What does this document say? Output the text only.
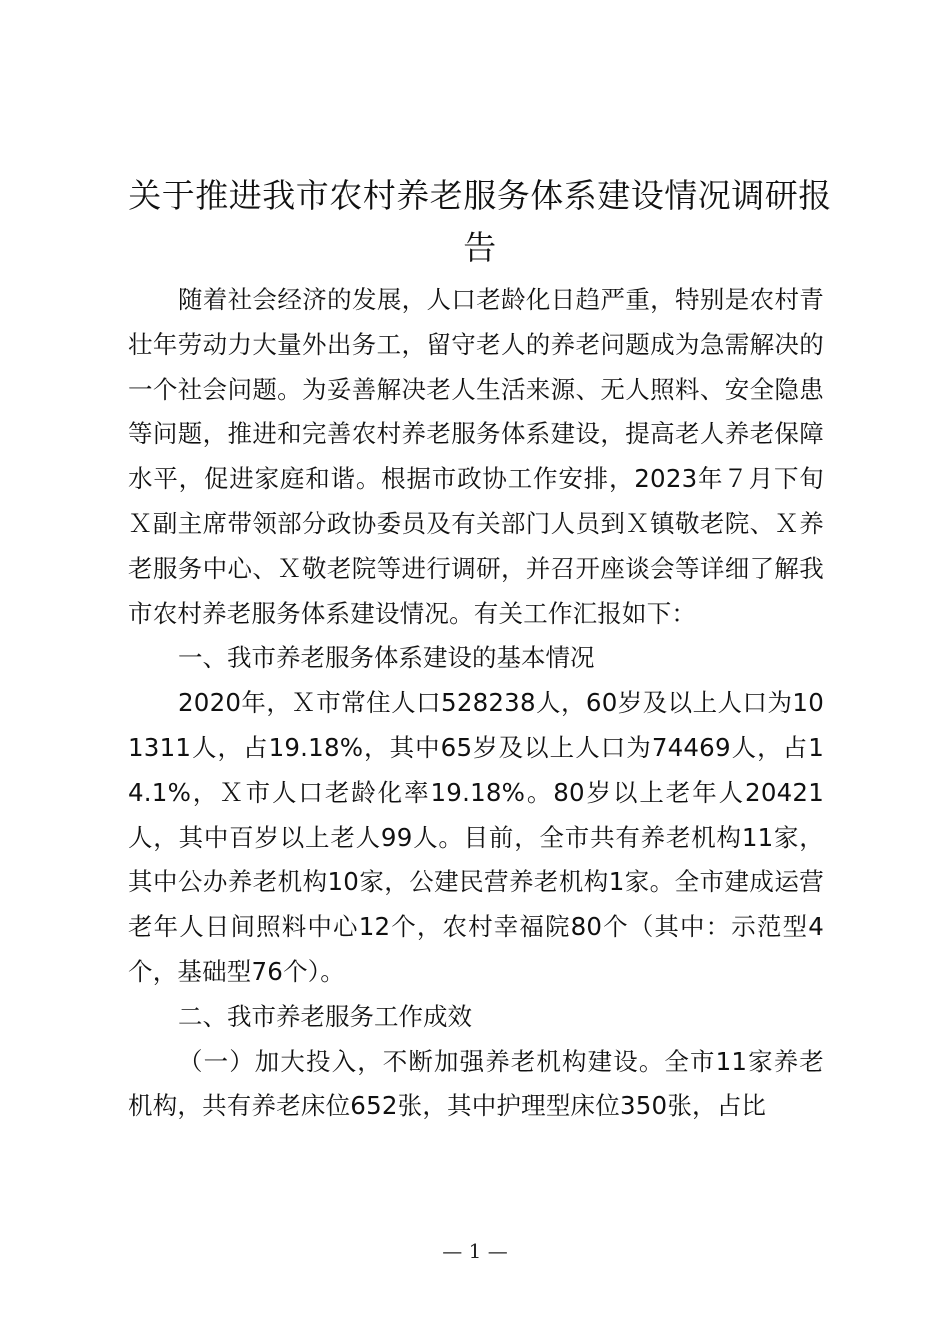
关于推进我市农村养老服务体系建设情况调研报告

随着社会经济的发展，人口老龄化日趋严重，特别是农村青壮年劳动力大量外出务工，留守老人的养老问题成为急需解决的一个社会问题。为妥善解决老人生活来源、无人照料、安全隐患等问题，推进和完善农村养老服务体系建设，提高老人养老保障水平，促进家庭和谐。根据市政协工作安排，2023年７月下旬Ｘ副主席带领部分政协委员及有关部门人员到Ｘ镇敬老院、Ｘ养老服务中心、Ｘ敬老院等进行调研，并召开座谈会等详细了解我市农村养老服务体系建设情况。有关工作汇报如下：

一、我市养老服务体系建设的基本情况

2020年，Ｘ市常住人口528238人，60岁及以上人口为101311人，占19.18%，其中65岁及以上人口为74469人，占14.1%，Ｘ市人口老龄化率19.18%。80岁以上老年人20421人，其中百岁以上老人99人。目前，全市共有养老机构11家，其中公办养老机构10家，公建民营养老机构1家。全市建成运营老年人日间照料中心12个，农村幸福院80个（其中：示范型4个，基础型76个）。

二、我市养老服务工作成效

（一）加大投入，不断加强养老机构建设。全市11家养老机构，共有养老床位652张，其中护理型床位350张，占比

— 1 —
